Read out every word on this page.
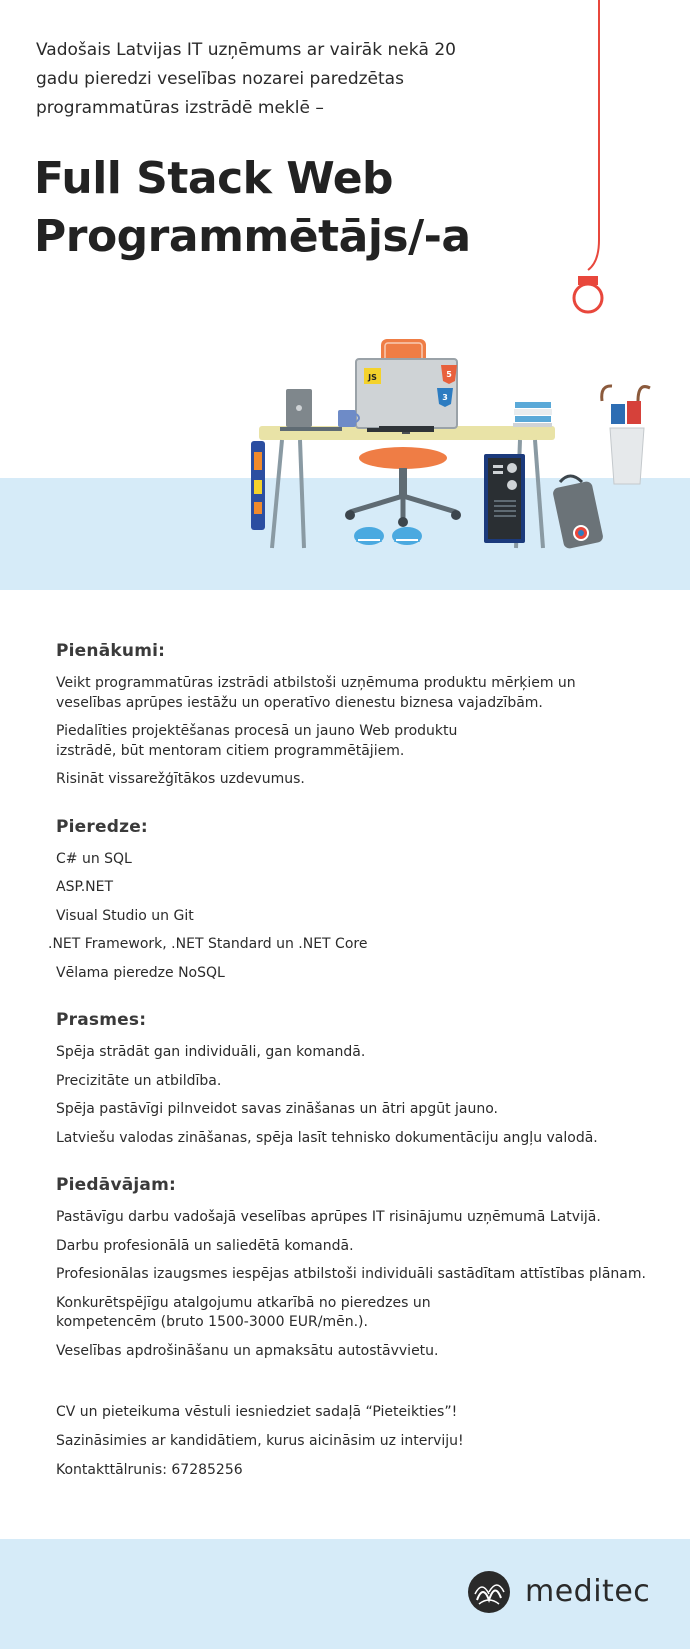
Vadošais Latvijas IT uzņēmums ar vairāk nekā 20 gadu pieredzi veselības nozarei paredzētas programmatūras izstrādē meklē –

Full Stack Web
Programmētājs/-a
JS	5
3
Pienākumi:
Veikt programmatūras izstrādi atbilstoši uzņēmuma produktu mērķiem un veselības aprūpes iestāžu un operatīvo dienestu biznesa vajadzībām.
Piedalīties projektēšanas procesā un jauno Web produktu izstrādē, būt mentoram citiem programmētājiem.
Risināt vissarežģītākos uzdevumus.
Pieredze:
C# un SQL
ASP.NET
Visual Studio un Git
.NET Framework, .NET Standard un .NET Core
Vēlama pieredze NoSQL
Prasmes:
Spēja strādāt gan individuāli, gan komandā.
Precizitāte un atbildība.
Spēja pastāvīgi pilnveidot savas zināšanas un ātri apgūt jauno.
Latviešu valodas zināšanas, spēja lasīt tehnisko dokumentāciju angļu valodā.
Piedāvājam:
Pastāvīgu darbu vadošajā veselības aprūpes IT risinājumu uzņēmumā Latvijā.
Darbu profesionālā un saliedētā komandā.
Profesionālas izaugsmes iespējas atbilstoši individuāli sastādītam attīstības plānam.
Konkurētspējīgu atalgojumu atkarībā no pieredzes un kompetencēm (bruto 1500-3000 EUR/mēn.).
Veselības apdrošināšanu un apmaksātu autostāvvietu.

CV un pieteikuma vēstuli iesniedziet sadaļā “Pieteikties”!

Sazināsimies ar kandidātiem, kurus aicināsim uz interviju!

Kontakttālrunis: 67285256

meditec
